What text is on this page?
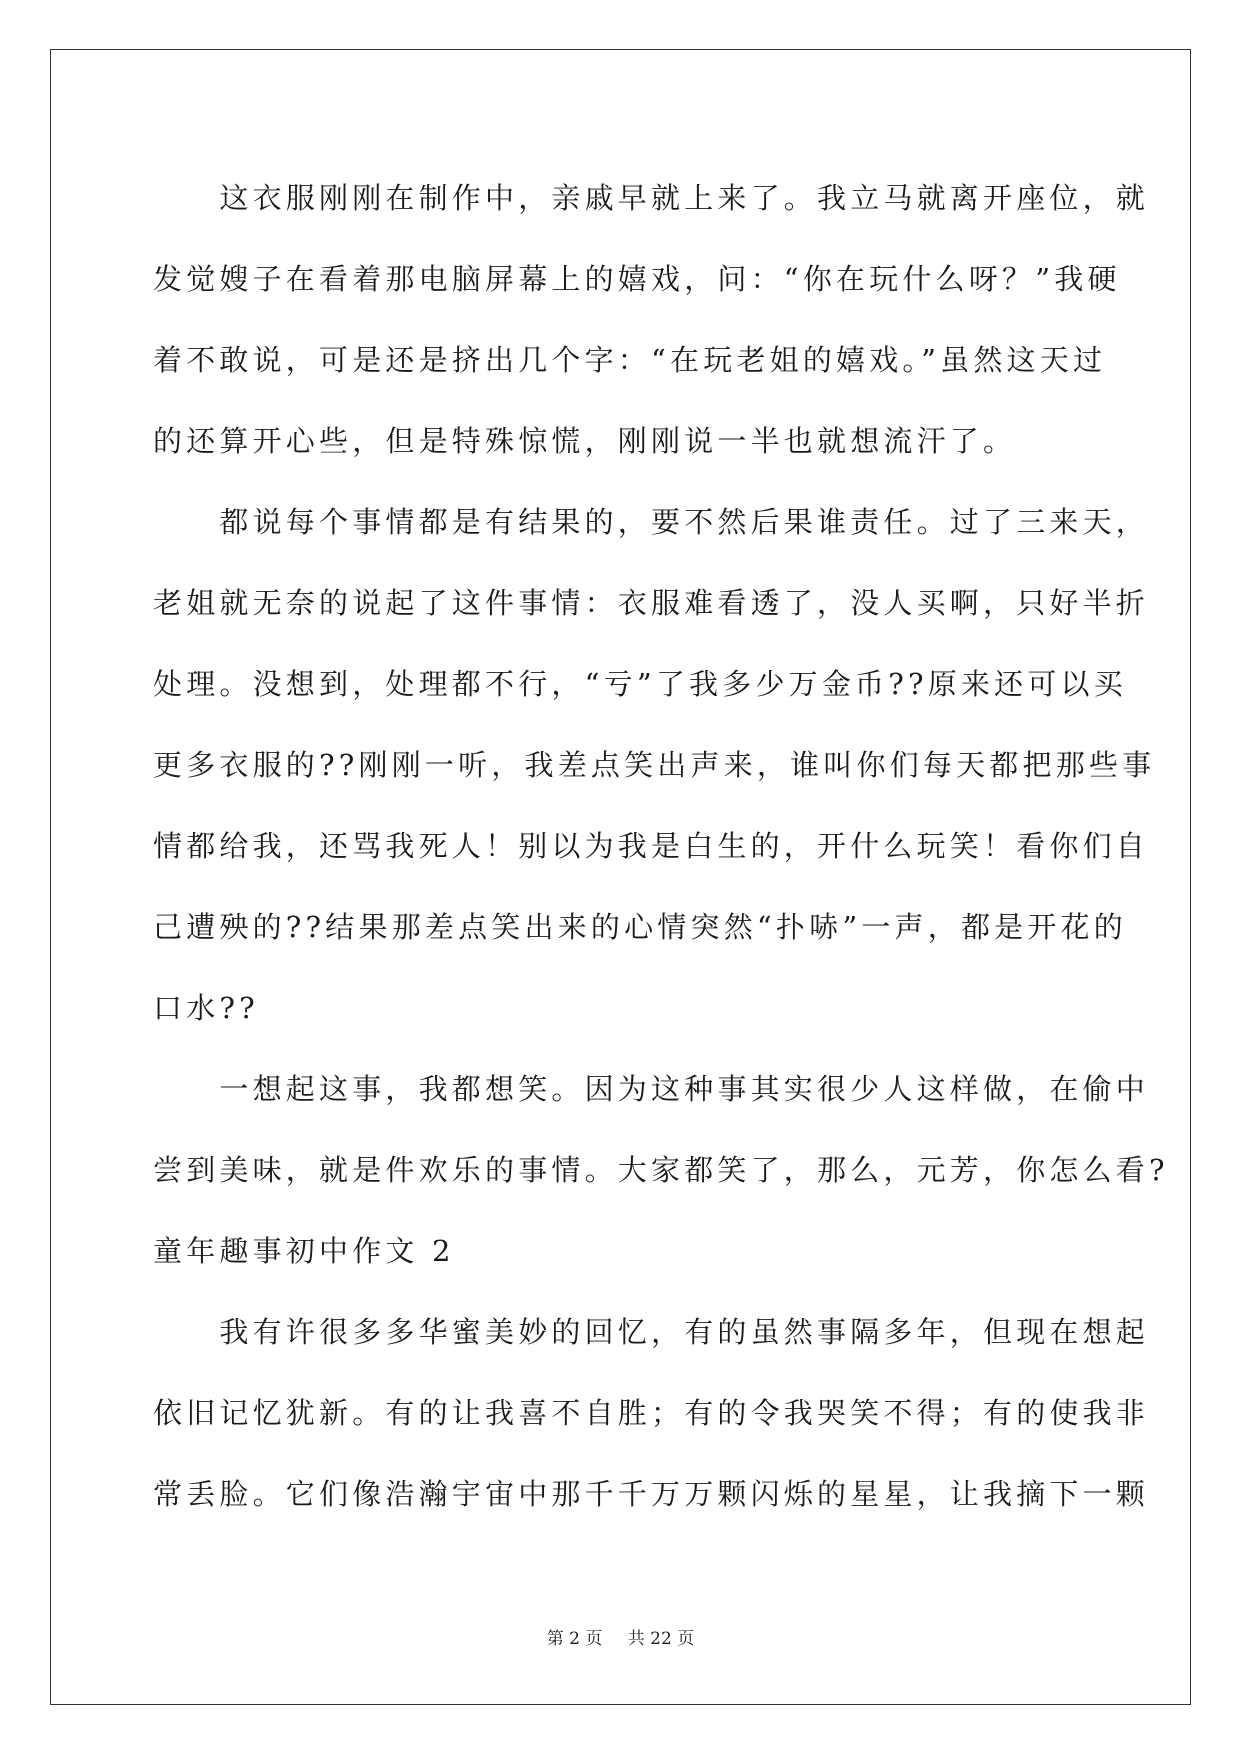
　　这衣服刚刚在制作中，亲戚早就上来了。我立马就离开座位，就
发觉嫂子在看着那电脑屏幕上的嬉戏，问：“你在玩什么呀？”我硬
着不敢说，可是还是挤出几个字：“在玩老姐的嬉戏。”虽然这天过
的还算开心些，但是特殊惊慌，刚刚说一半也就想流汗了。
　　都说每个事情都是有结果的，要不然后果谁责任。过了三来天，
老姐就无奈的说起了这件事情：衣服难看透了，没人买啊，只好半折
处理。没想到，处理都不行，“亏”了我多少万金币??原来还可以买
更多衣服的??刚刚一听，我差点笑出声来，谁叫你们每天都把那些事
情都给我，还骂我死人！别以为我是白生的，开什么玩笑！看你们自
己遭殃的??结果那差点笑出来的心情突然“扑哧”一声，都是开花的
口水??
　　一想起这事，我都想笑。因为这种事其实很少人这样做，在偷中
尝到美味，就是件欢乐的事情。大家都笑了，那么，元芳，你怎么看?
童年趣事初中作文 2
　　我有许很多多华蜜美妙的回忆，有的虽然事隔多年，但现在想起
依旧记忆犹新。有的让我喜不自胜；有的令我哭笑不得；有的使我非
常丢脸。它们像浩瀚宇宙中那千千万万颗闪烁的星星，让我摘下一颗
第 2 页 共 22 页
